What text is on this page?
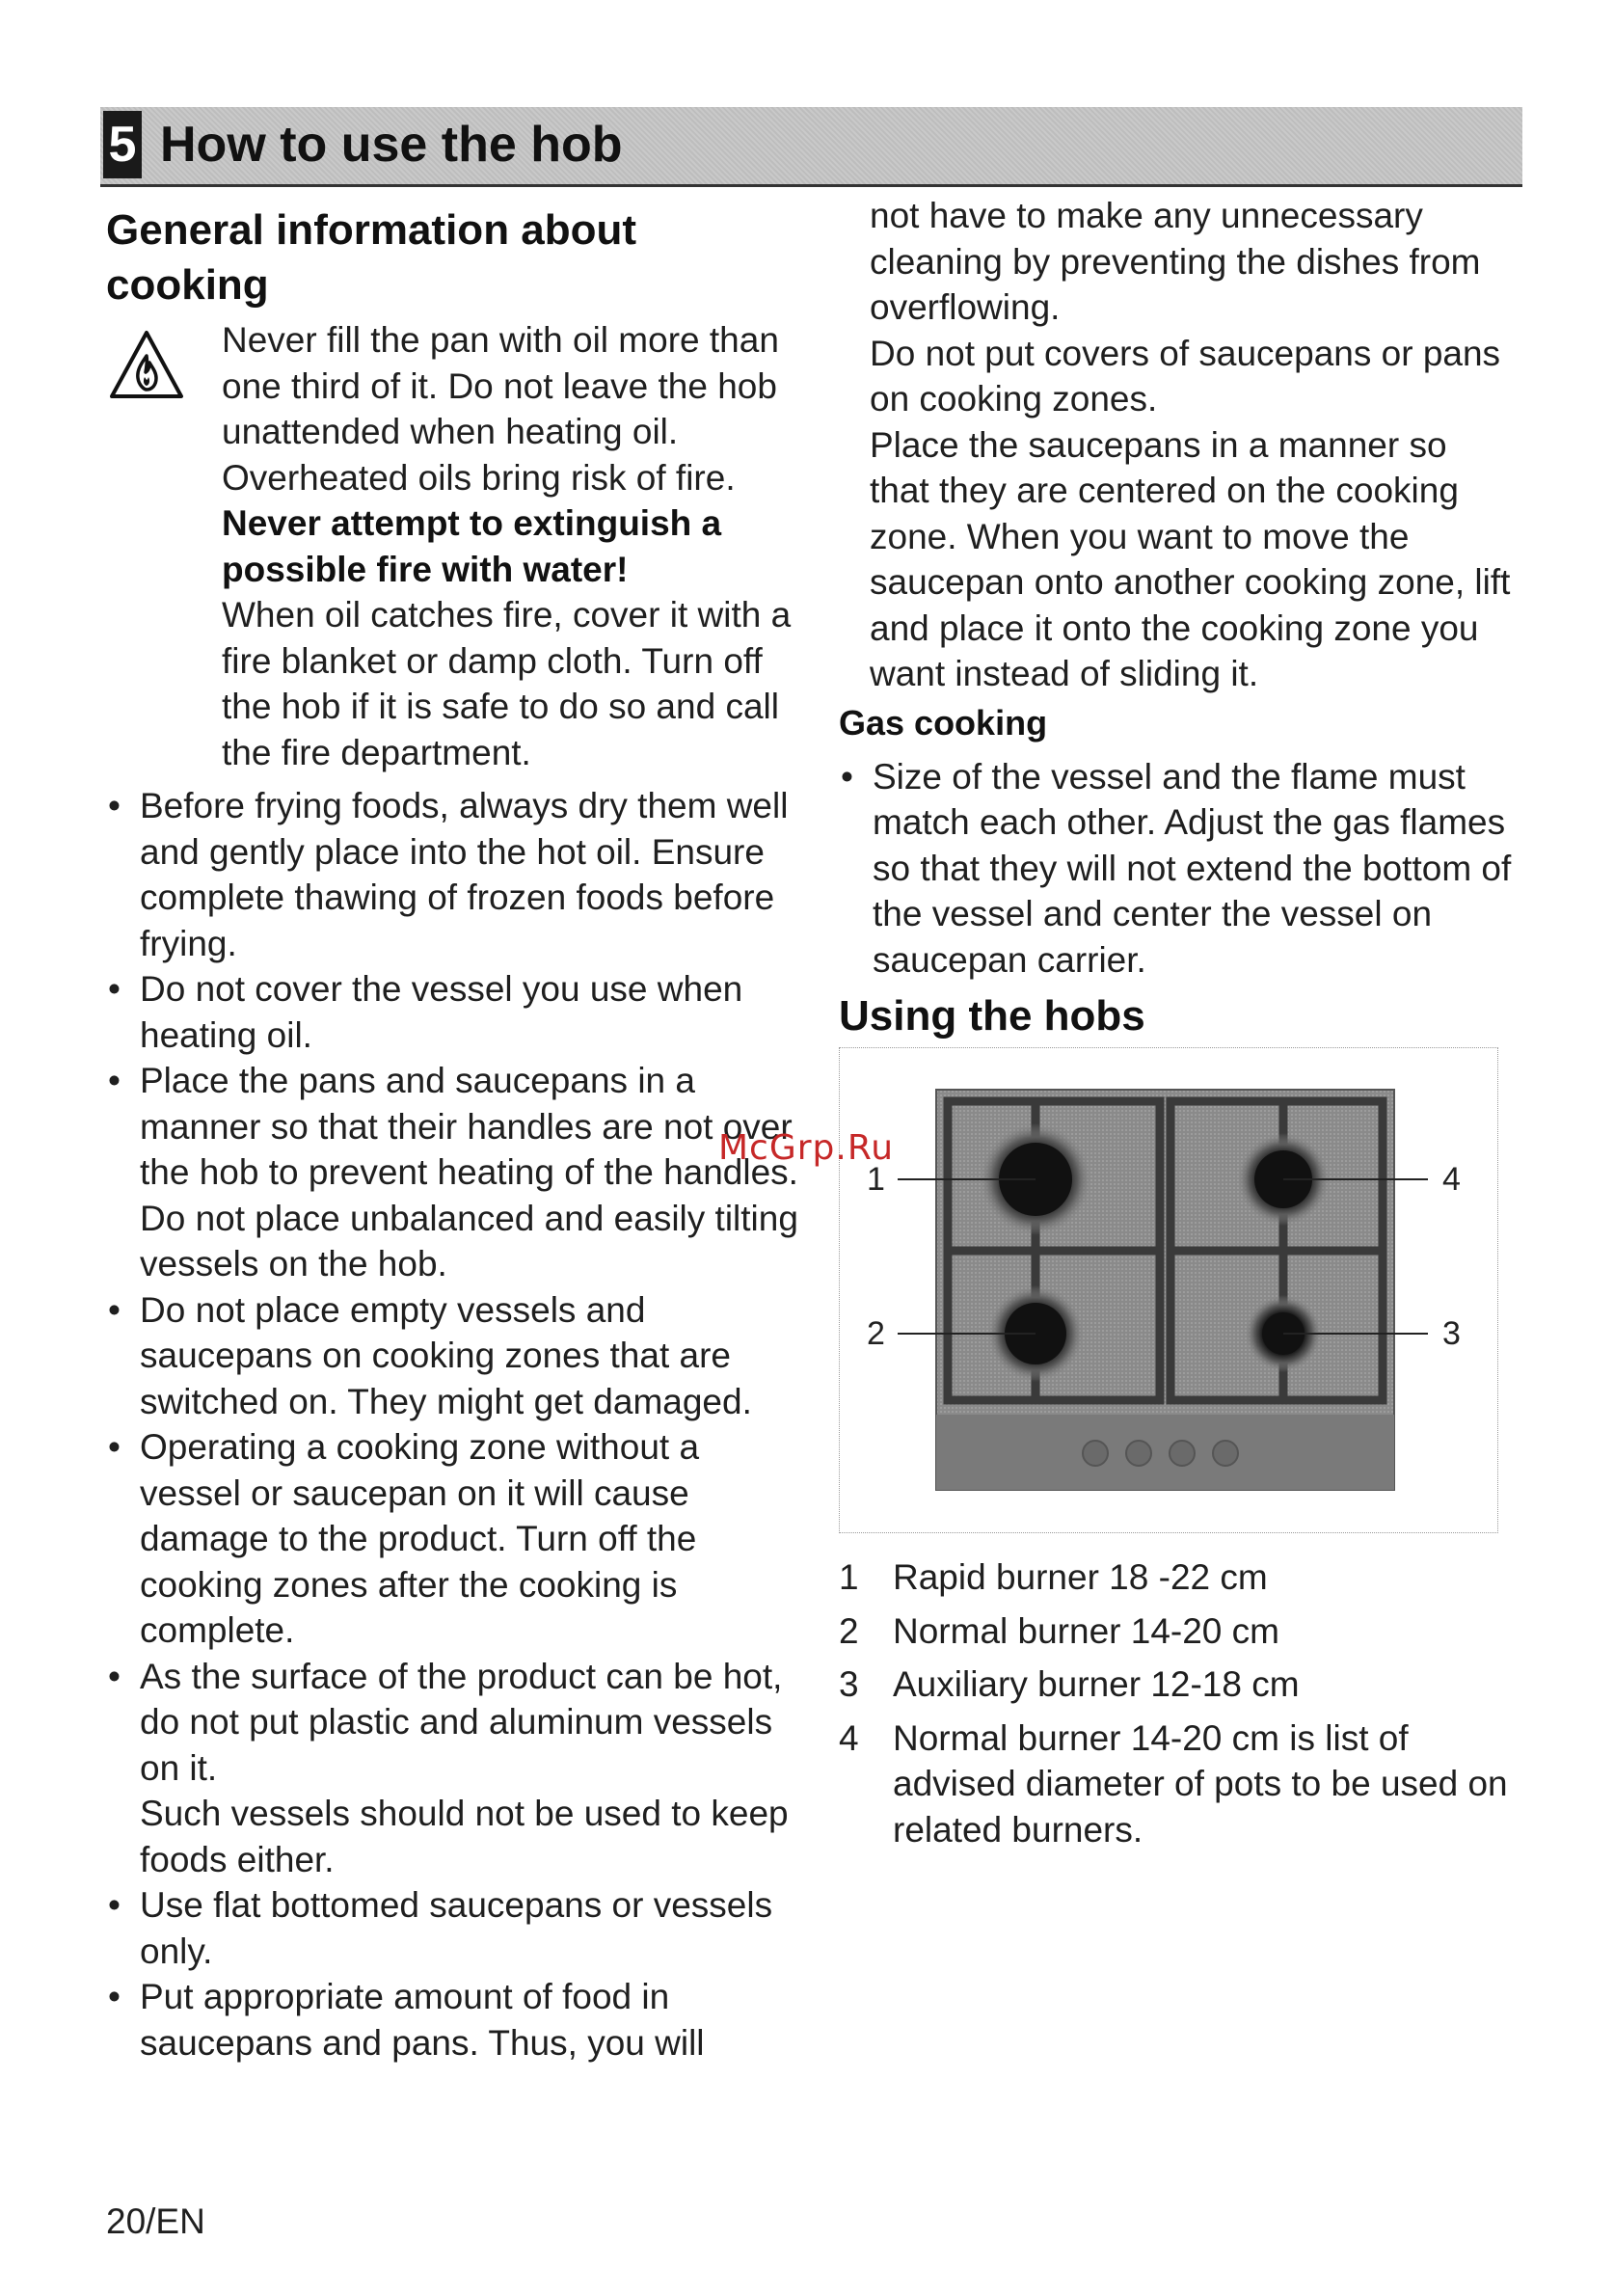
5 How to use the hob
General information about cooking
Never fill the pan with oil more than one third of it. Do not leave the hob unattended when heating oil. Overheated oils bring risk of fire. Never attempt to extinguish a possible fire with water!
When oil catches fire, cover it with a fire blanket or damp cloth. Turn off the hob if it is safe to do so and call the fire department.
• Before frying foods, always dry them well and gently place into the hot oil. Ensure complete thawing of frozen foods before frying.
• Do not cover the vessel you use when heating oil.
• Place the pans and saucepans in a manner so that their handles are not over the hob to prevent heating of the handles. Do not place unbalanced and easily tilting vessels on the hob.
• Do not place empty vessels and saucepans on cooking zones that are switched on. They might get damaged.
• Operating a cooking zone without a vessel or saucepan on it will cause damage to the product. Turn off the cooking zones after the cooking is complete.
• As the surface of the product can be hot, do not put plastic and aluminum vessels on it.
Such vessels should not be used to keep foods either.
• Use flat bottomed saucepans or vessels only.
• Put appropriate amount of food in saucepans and pans. Thus, you will

not have to make any unnecessary cleaning by preventing the dishes from overflowing.

Do not put covers of saucepans or pans on cooking zones.

Place the saucepans in a manner so that they are centered on the cooking zone. When you want to move the saucepan onto another cooking zone, lift and place it onto the cooking zone you want instead of sliding it.

Gas cooking
• Size of the vessel and the flame must match each other. Adjust the gas flames so that they will not extend the bottom of the vessel and center the vessel on saucepan carrier.
Using the hobs
1
2	3
4
1 Rapid burner 18 -22 cm
2 Normal burner 14-20 cm
3 Auxiliary burner 12-18 cm
4 Normal burner 14-20 cm is list of advised diameter of pots to be used on related burners.
McGrp.Ru
20/EN
